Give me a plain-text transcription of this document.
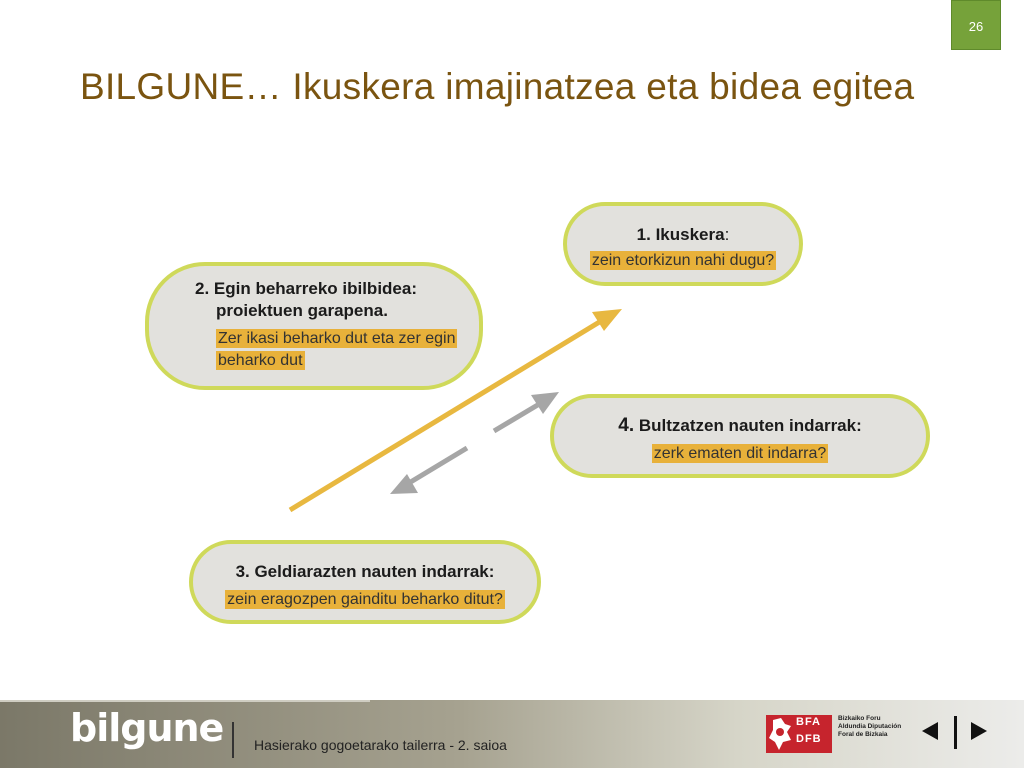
26
BILGUNE… Ikuskera imajinatzea eta bidea egitea
1. Ikuskera:
zein etorkizun nahi dugu?
2. Egin beharreko ibilbidea:
proiektuen garapena.
Zer ikasi beharko dut eta zer egin
beharko dut
4. Bultzatzen nauten indarrak:
zerk ematen dit indarra?
3. Geldiarazten nauten indarrak:
zein eragozpen gainditu beharko ditut?
bilgune Hasierako gogoetarako tailerra - 2. saioa
BFA
DFB
Bizkaiko Foru Aldundia Diputación Foral de Bizkaia
